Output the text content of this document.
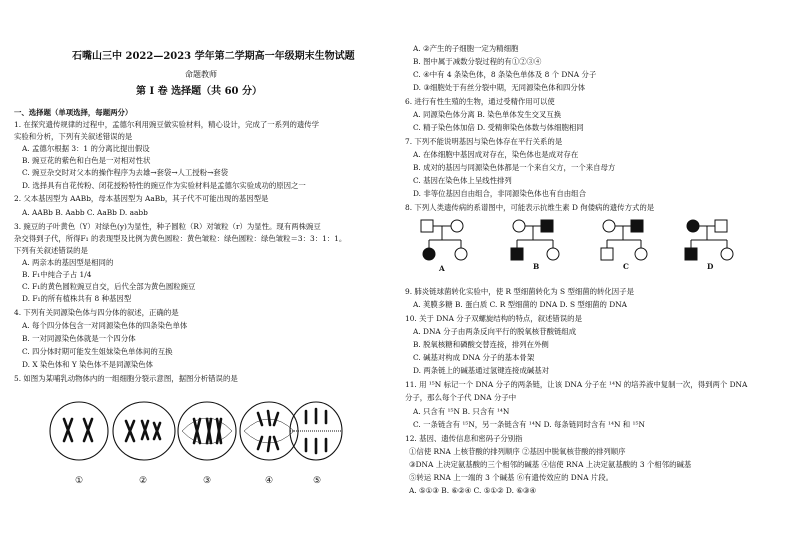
石嘴山三中 2022—2023 学年第二学期高一年级期末生物试题
命题教师
第 I 卷 选择题（共 60 分）
一、选择题（单项选择，每题两分）
1. 在探究遗传规律的过程中，孟德尔利用豌豆做实验材料，精心设计，完成了一系列的遗传学
实验和分析，下列有关叙述错误的是
A. 孟德尔根据 3：1 的分离比提出假设
B. 豌豆花的紫色和白色是一对相对性状
C. 豌豆杂交时对父本的操作程序为去雄→套袋→人工授粉→套袋
D. 选择具有自花传粉、闭花授粉特性的豌豆作为实验材料是孟德尔实验成功的原因之一
2. 父本基因型为 AABb，母本基因型为 AaBb，其子代不可能出现的基因型是
A. AABb B. Aabb C. AaBb D. aabb
3. 豌豆的子叶黄色（Y）对绿色(y)为显性，种子圆粒（R）对皱粒（r）为显性。现有两株豌豆
杂交得到子代，所得F₁ 的表现型及比例为黄色圆粒：黄色皱粒：绿色圆粒：绿色皱粒＝3：3：1：1。
下列有关叙述错误的是
A. 两亲本的基因型是相同的
B. F₁中纯合子占 1/4
C. F₁的黄色圆粒豌豆自交，后代全部为黄色圆粒豌豆
D. F₁的所有植株共有 8 种基因型
4. 下列有关同源染色体与四分体的叙述，正确的是
A. 每个四分体包含一对同源染色体的四条染色单体
B. 一对同源染色体就是一个四分体
C. 四分体时期可能发生姐妹染色单体间的互换
D. X 染色体和 Y 染色体不是同源染色体
5. 如图为某哺乳动物体内的一组细胞分裂示意图，据图分析错误的是
①	②	③	④	⑤
A. ②产生的子细胞一定为精细胞
B. 图中属于减数分裂过程的有①②③④
C. ④中有 4 条染色体，8 条染色单体及 8 个 DNA 分子
D. ③细胞处于有丝分裂中期，无同源染色体和四分体
6. 进行有性生殖的生物，通过受精作用可以使
A. 同源染色体分离 B. 染色单体发生交叉互换
C. 精子染色体加倍 D. 受精卵染色体数与体细胞相同
7. 下列不能说明基因与染色体存在平行关系的是
A. 在体细胞中基因成对存在，染色体也是成对存在
B. 成对的基因与同源染色体都是一个来自父方，一个来自母方
C. 基因在染色体上呈线性排列
D. 非等位基因自由组合，非同源染色体也有自由组合
8. 下列人类遗传病的系谱图中，可能表示抗维生素 D 佝偻病的遗传方式的是
A	B	C	D
9. 肺炎链球菌转化实验中，使 R 型细菌转化为 S 型细菌的转化因子是
A. 荚膜多糖 B. 蛋白质 C. R 型细菌的 DNA D. S 型细菌的 DNA
10. 关于 DNA 分子双螺旋结构的特点，叙述错误的是
A. DNA 分子由两条反向平行的脱氧核苷酸链组成
B. 脱氧核糖和磷酸交替连接，排列在外侧
C. 碱基对构成 DNA 分子的基本骨架
D. 两条链上的碱基通过氢键连接成碱基对
11. 用 ¹⁵N 标记一个 DNA 分子的两条链，让该 DNA 分子在 ¹⁴N 的培养液中复制一次，得到两个 DNA
分子，那么每个子代 DNA 分子中
A. 只含有 ¹⁵N B. 只含有 ¹⁴N
C. 一条链含有 ¹⁵N，另一条链含有 ¹⁴N D. 每条链同时含有 ¹⁴N 和 ¹⁵N
12. 基因、遗传信息和密码子分别指
①信使 RNA 上核苷酸的排列顺序 ②基因中脱氧核苷酸的排列顺序
③DNA 上决定氨基酸的三个相邻的碱基 ④信使 RNA 上决定氨基酸的 3 个相邻的碱基
⑤转运 RNA 上一端的 3 个碱基 ⑥有遗传效应的 DNA 片段。
A. ⑤①③ B. ⑥②④ C. ⑤①② D. ⑥③④
